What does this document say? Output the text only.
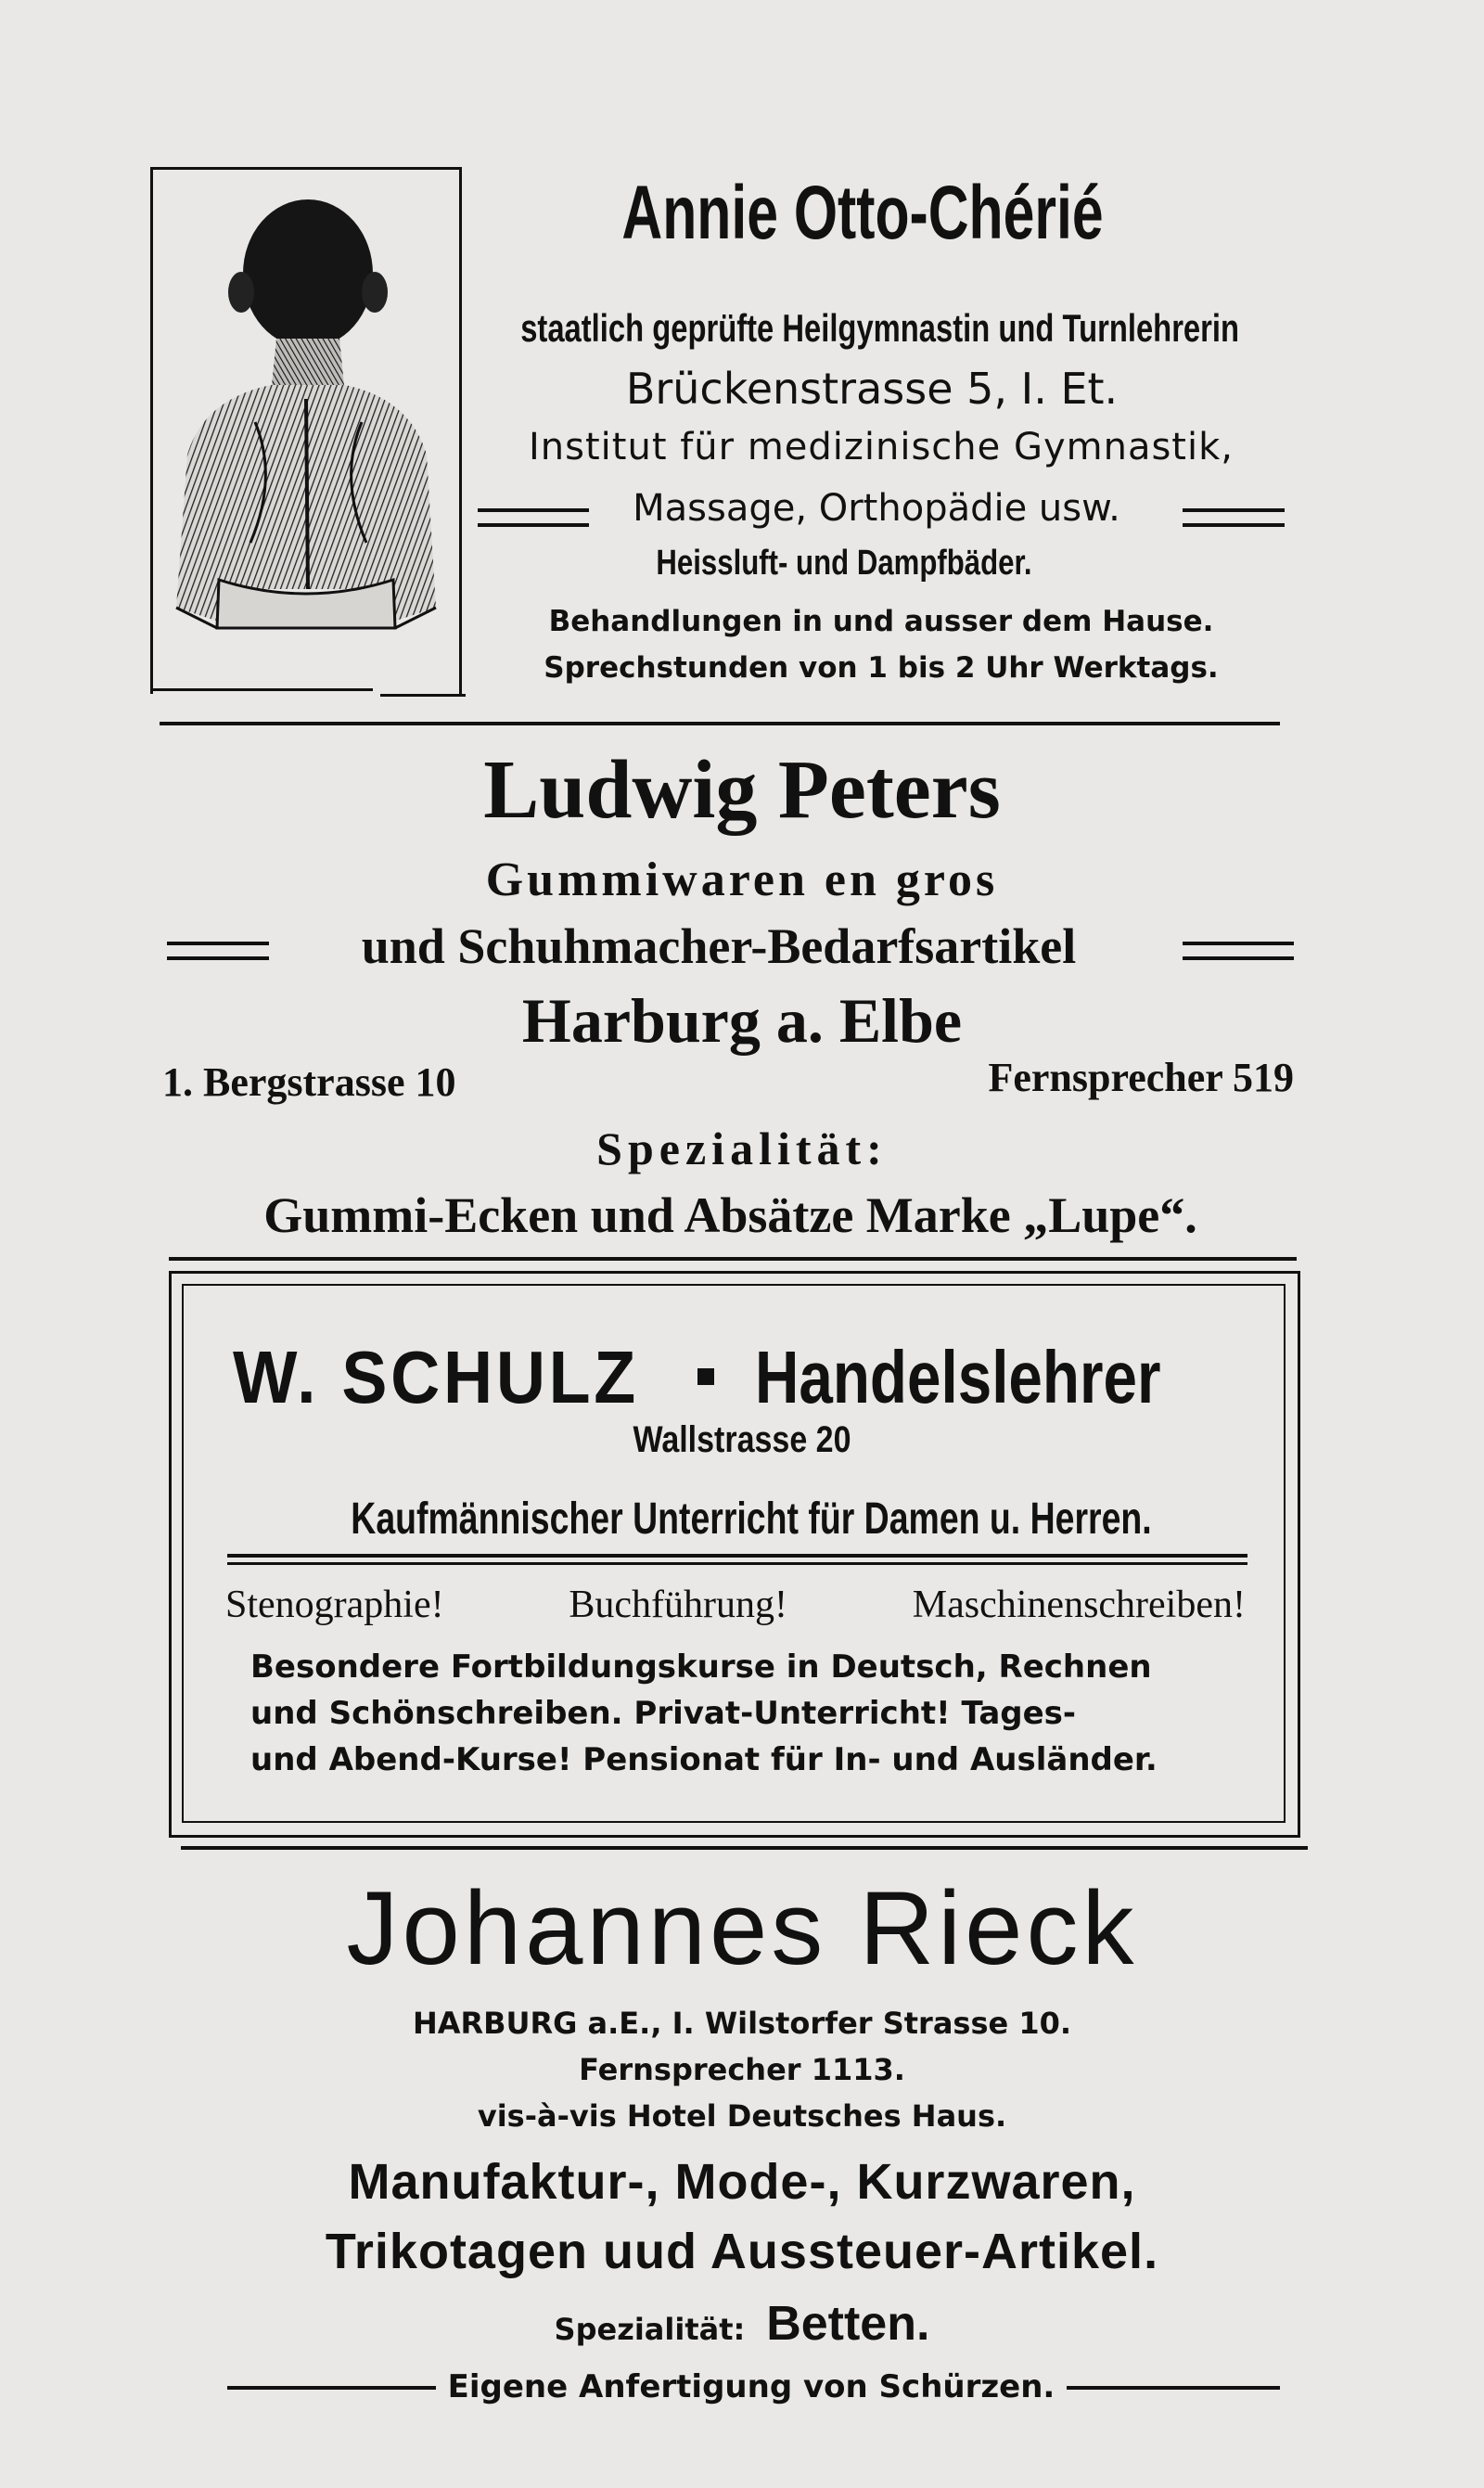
Annie Otto-Chérié
staatlich geprüfte Heilgymnastin und Turnlehrerin
Brückenstrasse 5, I. Et.
Institut für medizinische Gymnastik,
Massage, Orthopädie usw.
Heissluft- und Dampfbäder.
Behandlungen in und ausser dem Hause.
Sprechstunden von 1 bis 2 Uhr Werktags.
Ludwig Peters
Gummiwaren en gros
und Schuhmacher-Bedarfsartikel
Harburg a. Elbe
1. Bergstrasse 10	Fernsprecher 519
Spezialität:
Gummi-Ecken und Absätze Marke „Lupe“.
W. SCHULZ Handelslehrer
Wallstrasse 20
Kaufmännischer Unterricht für Damen u. Herren.
Stenographie!	Buchführung!	Maschinenschreiben!
Besondere Fortbildungskurse in Deutsch, Rechnen
und Schönschreiben. Privat-Unterricht! Tages-
und Abend-Kurse! Pensionat für In- und Ausländer.
Johannes Rieck
HARBURG a.E., I. Wilstorfer Strasse 10.
Fernsprecher 1113.
vis-à-vis Hotel Deutsches Haus.
Manufaktur-, Mode-, Kurzwaren,
Trikotagen uud Aussteuer-Artikel.
Spezialität: Betten.
Eigene Anfertigung von Schürzen.
